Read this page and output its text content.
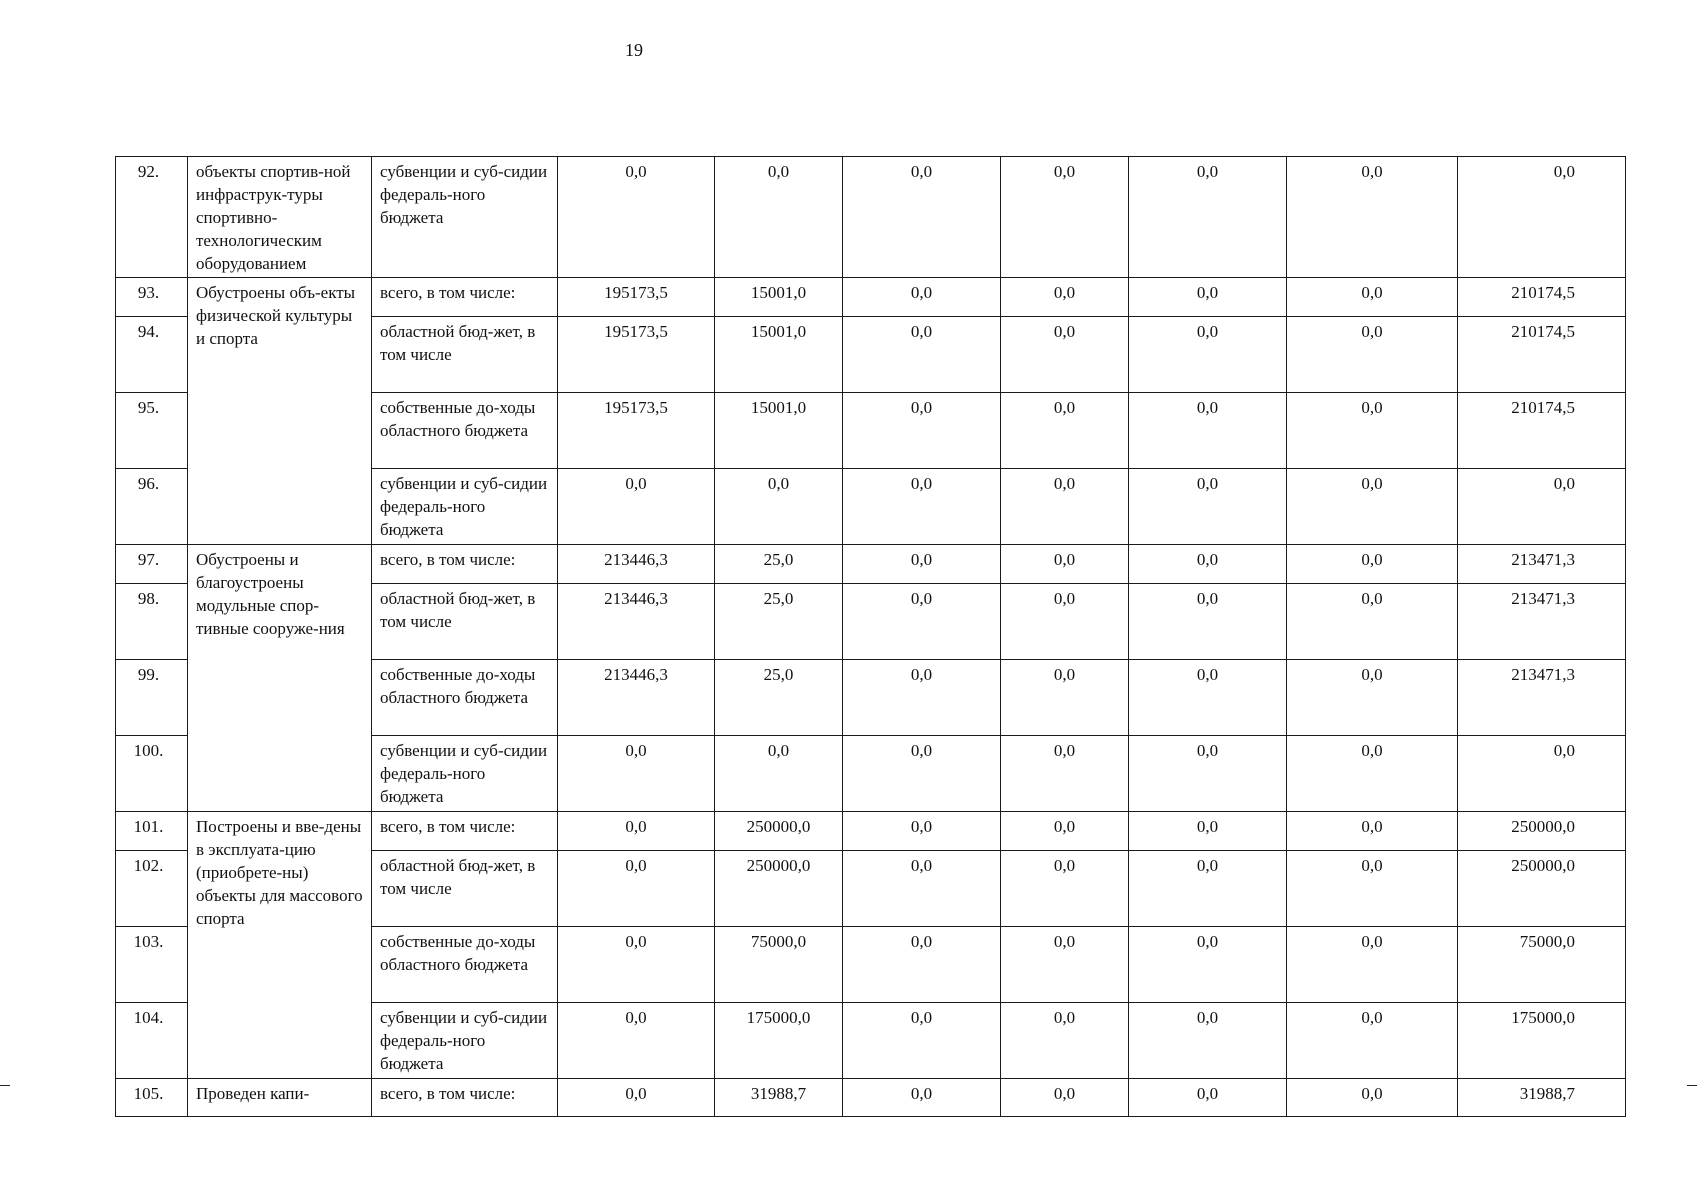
19
92.	объекты спортив-ной инфраструк-туры спортивно-технологическим оборудованием	субвенции и суб-сидии федераль-ного бюджета	0,0	0,0	0,0	0,0	0,0	0,0	0,0
93.	Обустроены объ-екты физической культуры и спорта	всего, в том числе:	195173,5	15001,0	0,0	0,0	0,0	0,0	210174,5
94.		областной бюд-жет, в том числе	195173,5	15001,0	0,0	0,0	0,0	0,0	210174,5
95.		собственные до-ходы областного бюджета	195173,5	15001,0	0,0	0,0	0,0	0,0	210174,5
96.		субвенции и суб-сидии федераль-ного бюджета	0,0	0,0	0,0	0,0	0,0	0,0	0,0
97.	Обустроены и благоустроены модульные спор-тивные сооруже-ния	всего, в том числе:	213446,3	25,0	0,0	0,0	0,0	0,0	213471,3
98.		областной бюд-жет, в том числе	213446,3	25,0	0,0	0,0	0,0	0,0	213471,3
99.		собственные до-ходы областного бюджета	213446,3	25,0	0,0	0,0	0,0	0,0	213471,3
100.		субвенции и суб-сидии федераль-ного бюджета	0,0	0,0	0,0	0,0	0,0	0,0	0,0
101.	Построены и вве-дены в эксплуата-цию (приобрете-ны) объекты для массового спорта	всего, в том числе:	0,0	250000,0	0,0	0,0	0,0	0,0	250000,0
102.		областной бюд-жет, в том числе	0,0	250000,0	0,0	0,0	0,0	0,0	250000,0
103.		собственные до-ходы областного бюджета	0,0	75000,0	0,0	0,0	0,0	0,0	75000,0
104.		субвенции и суб-сидии федераль-ного бюджета	0,0	175000,0	0,0	0,0	0,0	0,0	175000,0
105.	Проведен капи-	всего, в том числе:	0,0	31988,7	0,0	0,0	0,0	0,0	31988,7
